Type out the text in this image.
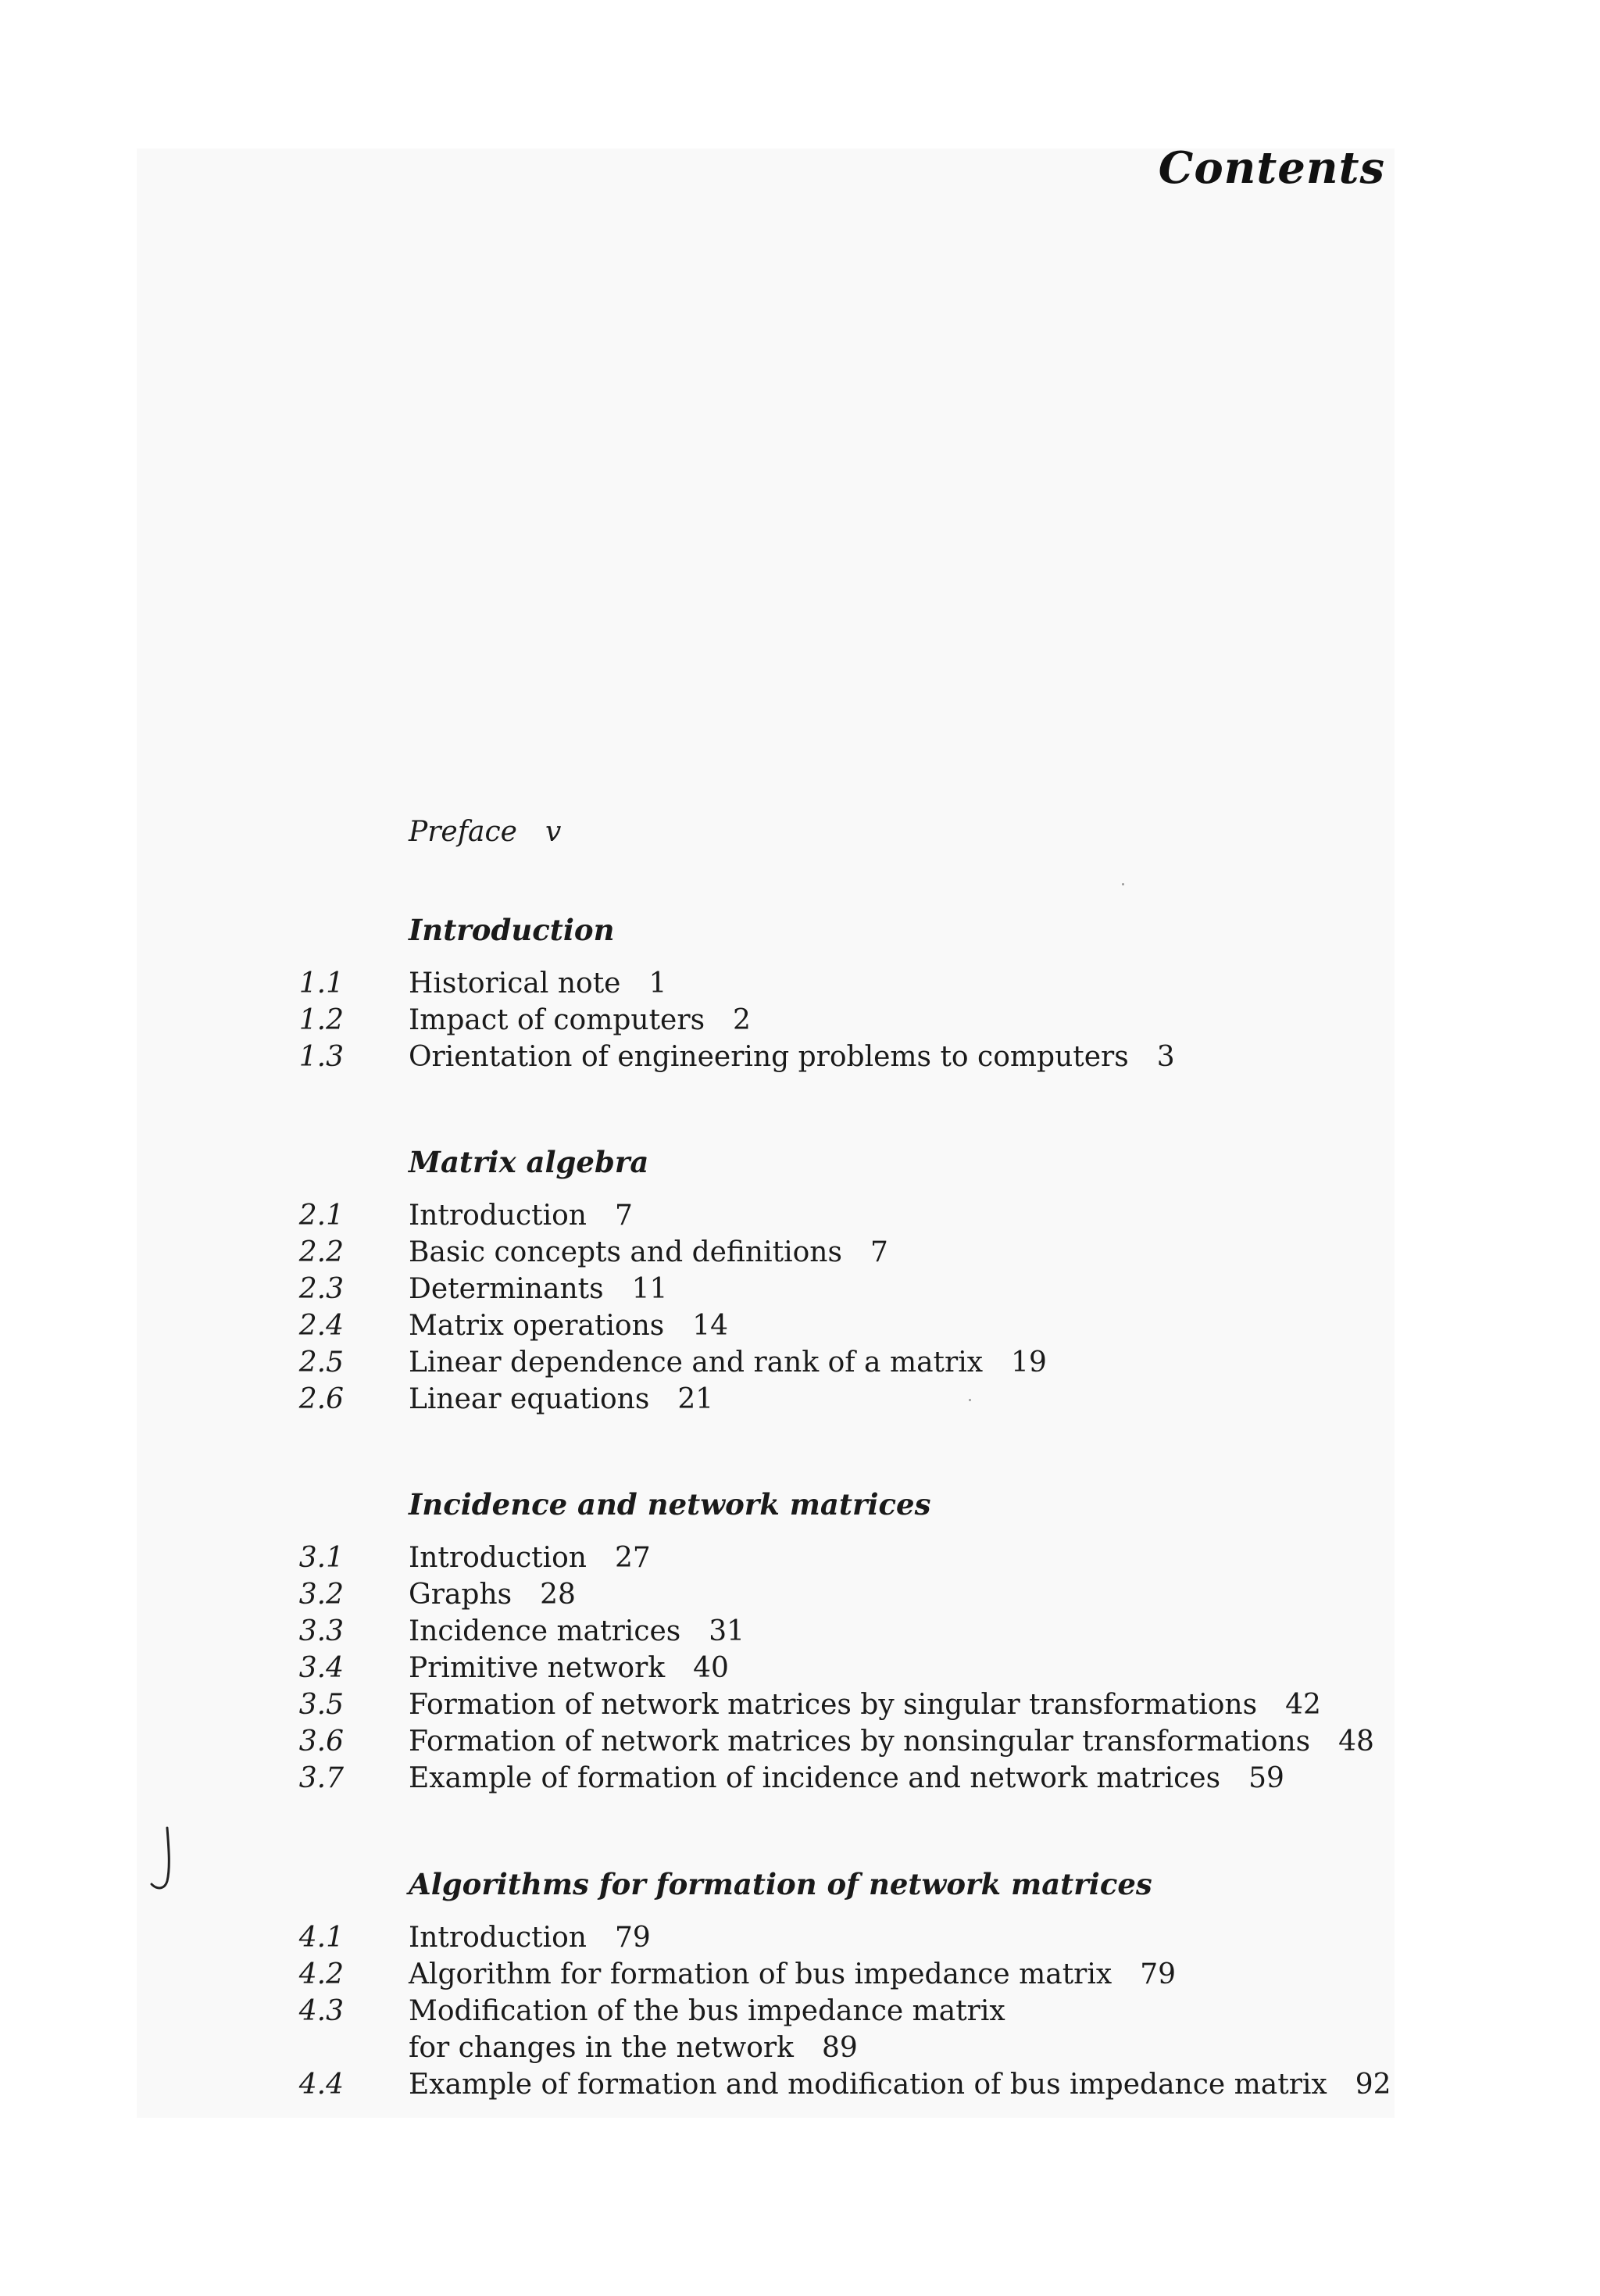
Contents
Preface v
Introduction
1.1 Historical note 1
1.2 Impact of computers 2
1.3 Orientation of engineering problems to computers 3
Matrix algebra
2.1 Introduction 7
2.2 Basic concepts and definitions 7
2.3 Determinants 11
2.4 Matrix operations 14
2.5 Linear dependence and rank of a matrix 19
2.6 Linear equations 21
Incidence and network matrices
3.1 Introduction 27
3.2 Graphs 28
3.3 Incidence matrices 31
3.4 Primitive network 40
3.5 Formation of network matrices by singular transformations 42
3.6 Formation of network matrices by nonsingular transformations 48
3.7 Example of formation of incidence and network matrices 59
Algorithms for formation of network matrices
4.1 Introduction 79
4.2 Algorithm for formation of bus impedance matrix 79
4.3 Modification of the bus impedance matrix
for changes in the network 89
4.4 Example of formation and modification of bus impedance matrix 92
